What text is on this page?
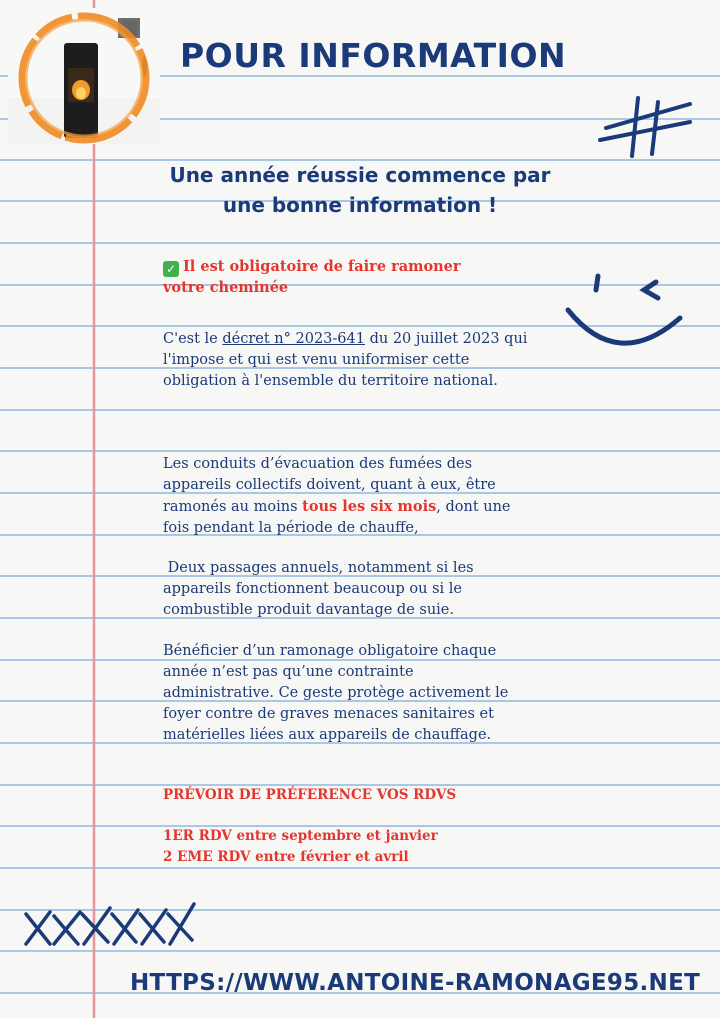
POUR INFORMATION
Une année réussie commence par
une bonne information !
✓ Il est obligatoire de faire ramoner
votre cheminée
C'est le décret n° 2023-641 du 20 juillet 2023 qui l'impose et qui est venu uniformiser cette obligation à l'ensemble du territoire national.
Les conduits d’évacuation des fumées des appareils collectifs doivent, quant à eux, être ramonés au moins tous les six mois, dont une fois pendant la période de chauffe,
Deux passages annuels, notamment si les appareils fonctionnent beaucoup ou si le combustible produit davantage de suie.
Bénéficier d’un ramonage obligatoire chaque année n’est pas qu’une contrainte administrative. Ce geste protège activement le foyer contre de graves menaces sanitaires et matérielles liées aux appareils de chauffage.
PRÉVOIR DE PRÉFERENCE VOS RDVS
1ER RDV entre septembre et janvier
2 EME RDV entre février et avril
HTTPS://WWW.ANTOINE-RAMONAGE95.NET
